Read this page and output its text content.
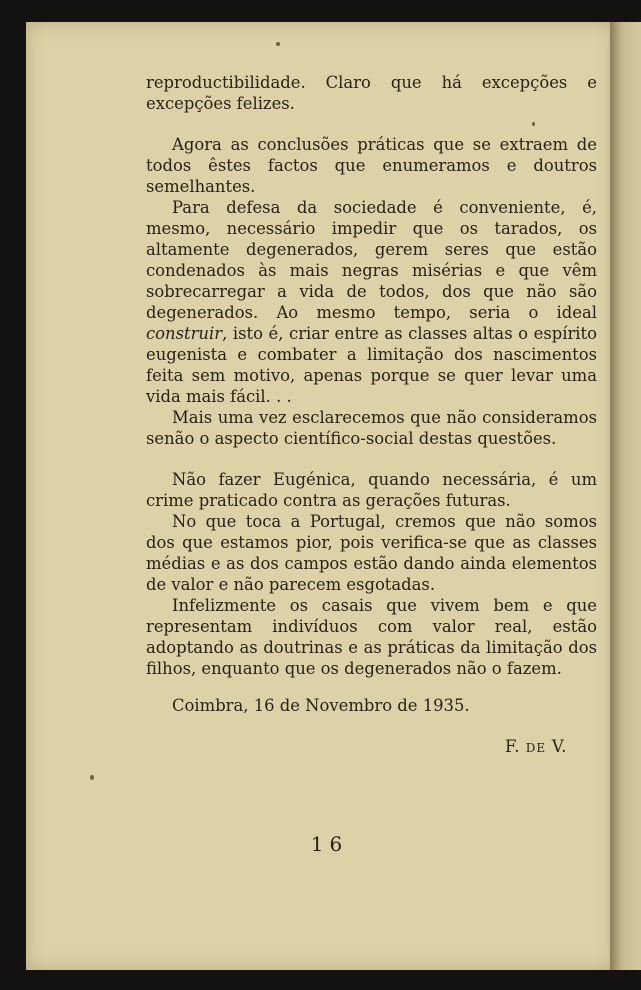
reproductibilidade. Claro que há excepções e excepções felizes.

Agora as conclusões práticas que se extraem de todos êstes factos que enumeramos e doutros semelhantes.

Para defesa da sociedade é conveniente, é, mesmo, necessário impedir que os tarados, os altamente degenerados, gerem seres que estão condenados às mais negras misérias e que vêm sobrecarregar a vida de todos, dos que não são degenerados. Ao mesmo tempo, seria o ideal construir, isto é, criar entre as classes altas o espírito eugenista e combater a limitação dos nascimentos feita sem motivo, apenas porque se quer levar uma vida mais fácil. . .

Mais uma vez esclarecemos que não consideramos senão o aspecto científico-social destas questões.

Não fazer Eugénica, quando necessária, é um crime praticado contra as gerações futuras.

No que toca a Portugal, cremos que não somos dos que estamos pior, pois verifica-se que as classes médias e as dos campos estão dando ainda elementos de valor e não parecem esgotadas.

Infelizmente os casais que vivem bem e que representam indivíduos com valor real, estão adoptando as doutrinas e as práticas da limitação dos filhos, enquanto que os degenerados não o fazem.

Coimbra, 16 de Novembro de 1935.

F. DE V.

16
